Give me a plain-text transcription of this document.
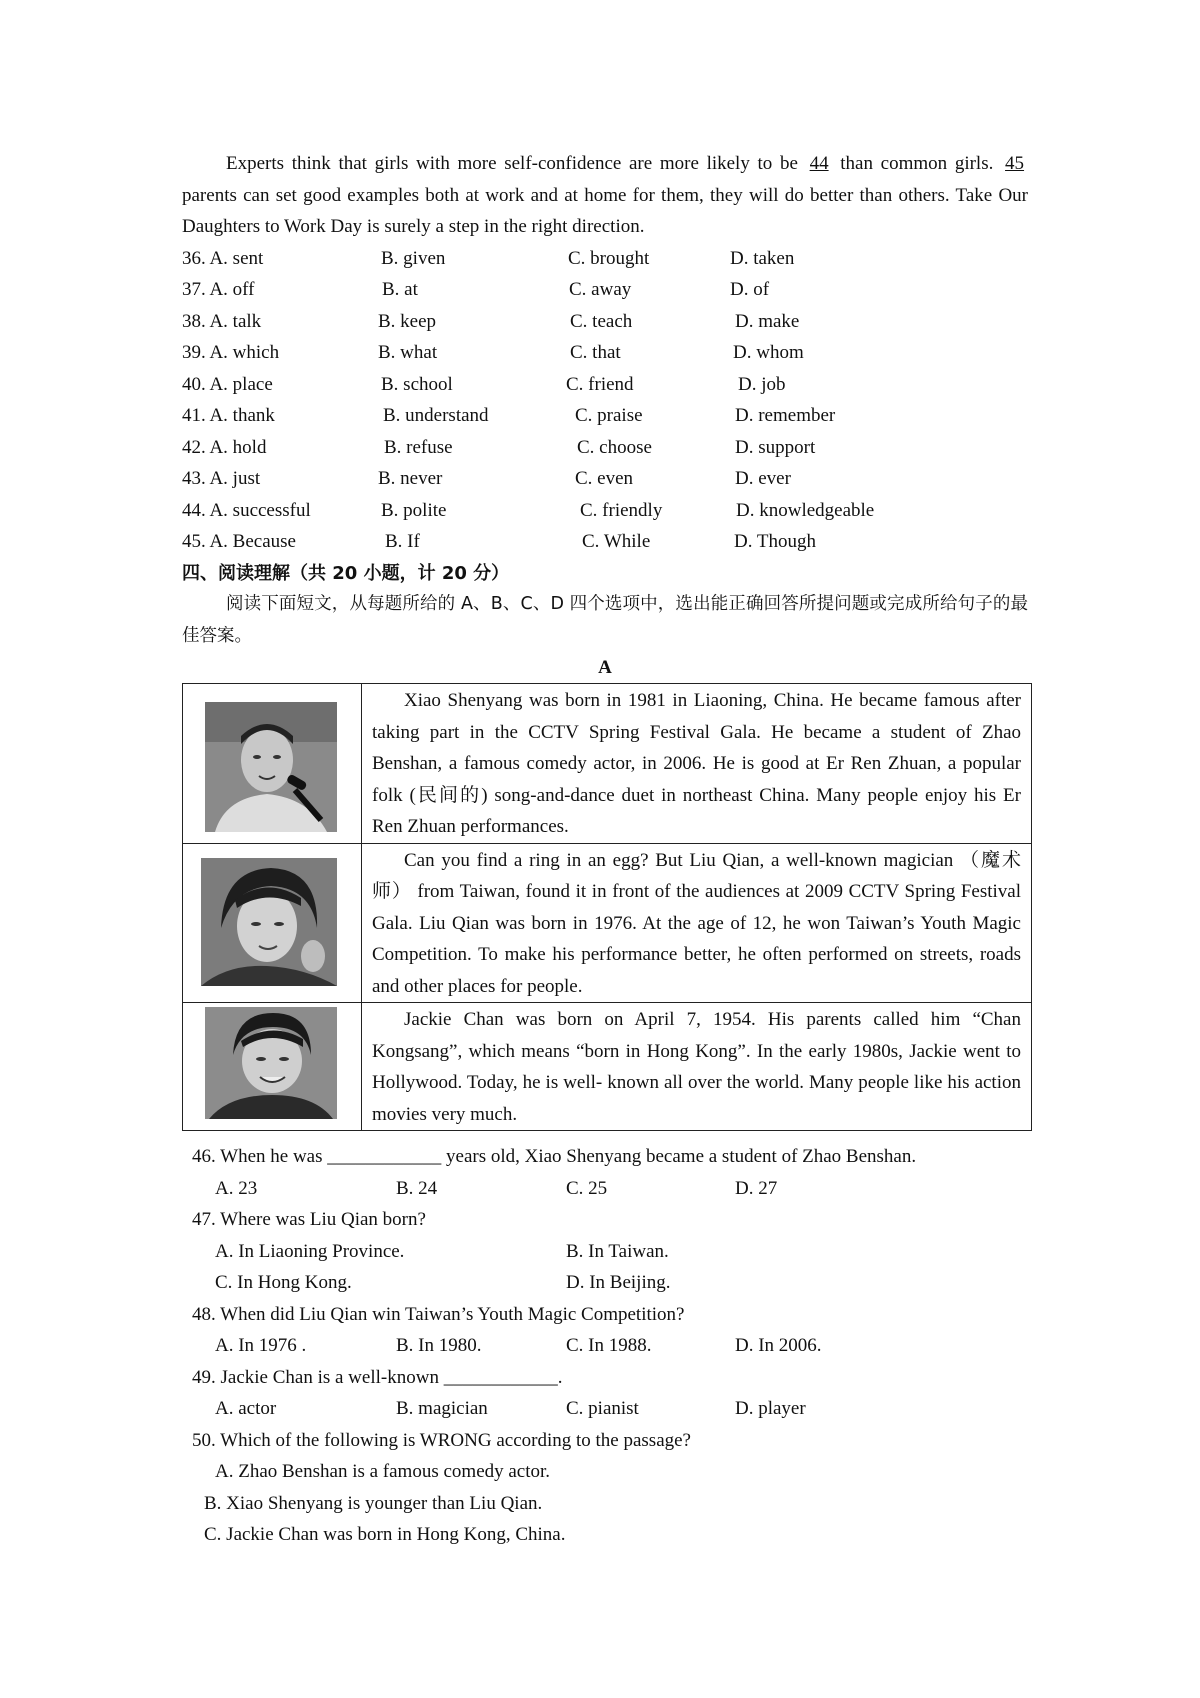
Experts think that girls with more self-confidence are more likely to be 44 than common girls. 45 parents can set good examples both at work and at home for them, they will do better than others. Take Our Daughters to Work Day is surely a step in the right direction.

36. A. sent	B. given	C. brought	D. taken
37. A. off	B. at	C. away	D. of
38. A. talk	B. keep	C. teach	D. make
39. A. which	B. what	C. that	D. whom
40. A. place	B. school	C. friend	D. job
41. A. thank	B. understand	C. praise	D. remember
42. A. hold	B. refuse	C. choose	D. support
43. A. just	B. never	C. even	D. ever
44. A. successful	B. polite	C. friendly	D. knowledgeable
45. A. Because	B. If	C. While	D. Though

四、阅读理解（共 20 小题，计 20 分）

阅读下面短文，从每题所给的 A、B、C、D 四个选项中，选出能正确回答所提问题或完成所给句子的最佳答案。

A

Xiao Shenyang was born in 1981 in Liaoning, China. He became famous after taking part in the CCTV Spring Festival Gala. He became a student of Zhao Benshan, a famous comedy actor, in 2006. He is good at Er Ren Zhuan, a popular folk (民间的) song-and-dance duet in northeast China. Many people enjoy his Er Ren Zhuan performances.

Can you find a ring in an egg? But Liu Qian, a well-known magician （魔术师） from Taiwan, found it in front of the audiences at 2009 CCTV Spring Festival Gala. Liu Qian was born in 1976. At the age of 12, he won Taiwan’s Youth Magic Competition. To make his performance better, he often performed on streets, roads and other places for people.

Jackie Chan was born on April 7, 1954. His parents called him “Chan Kongsang”, which means “born in Hong Kong”. In the early 1980s, Jackie went to Hollywood. Today, he is well- known all over the world. Many people like his action movies very much.

46. When he was ____________ years old, Xiao Shenyang became a student of Zhao Benshan.
A. 23	B. 24	C. 25	D. 27
47. Where was Liu Qian born?
A. In Liaoning Province.	B. In Taiwan.
C. In Hong Kong.	D. In Beijing.
48. When did Liu Qian win Taiwan’s Youth Magic Competition?
A. In 1976 .	B. In 1980.	C. In 1988.	D. In 2006.
49. Jackie Chan is a well-known ____________.
A. actor	B. magician	C. pianist	D. player
50. Which of the following is WRONG according to the passage?
A. Zhao Benshan is a famous comedy actor.
B. Xiao Shenyang is younger than Liu Qian.
C. Jackie Chan was born in Hong Kong, China.
